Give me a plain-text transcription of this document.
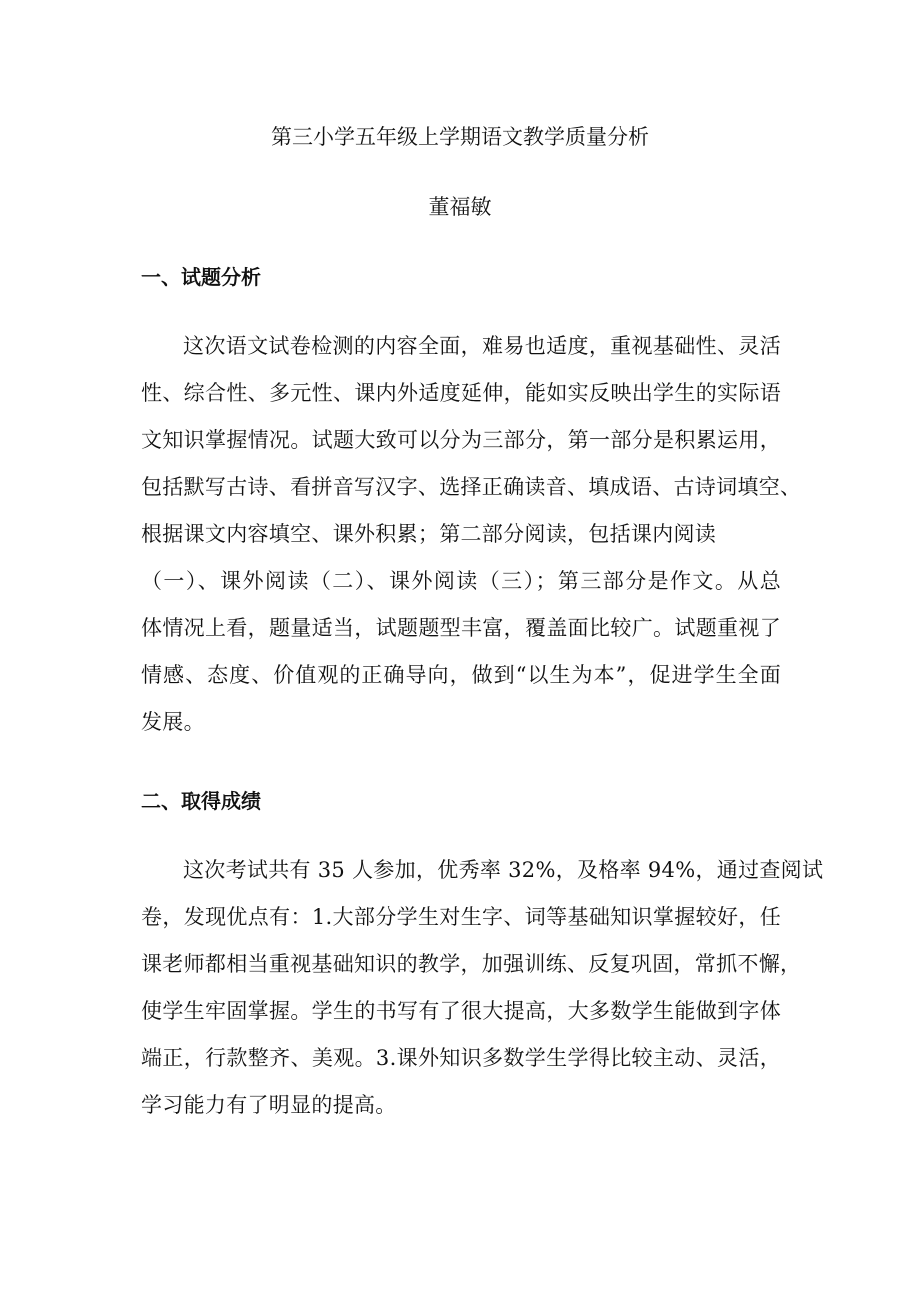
第三小学五年级上学期语文教学质量分析
董福敏
一、试题分析
这次语文试卷检测的内容全面，难易也适度，重视基础性、灵活
性、综合性、多元性、课内外适度延伸，能如实反映出学生的实际语
文知识掌握情况。试题大致可以分为三部分，第一部分是积累运用，
包括默写古诗、看拼音写汉字、选择正确读音、填成语、古诗词填空、
根据课文内容填空、课外积累；第二部分阅读，包括课内阅读
（一）、课外阅读（二）、课外阅读（三）；第三部分是作文。从总
体情况上看，题量适当，试题题型丰富，覆盖面比较广。试题重视了
情感、态度、价值观的正确导向，做到“以生为本”，促进学生全面
发展。
二、取得成绩
这次考试共有 35 人参加，优秀率 32%，及格率 94%，通过查阅试
卷，发现优点有：1.大部分学生对生字、词等基础知识掌握较好，任
课老师都相当重视基础知识的教学，加强训练、反复巩固，常抓不懈，
使学生牢固掌握。学生的书写有了很大提高，大多数学生能做到字体
端正，行款整齐、美观。3.课外知识多数学生学得比较主动、灵活，
学习能力有了明显的提高。
